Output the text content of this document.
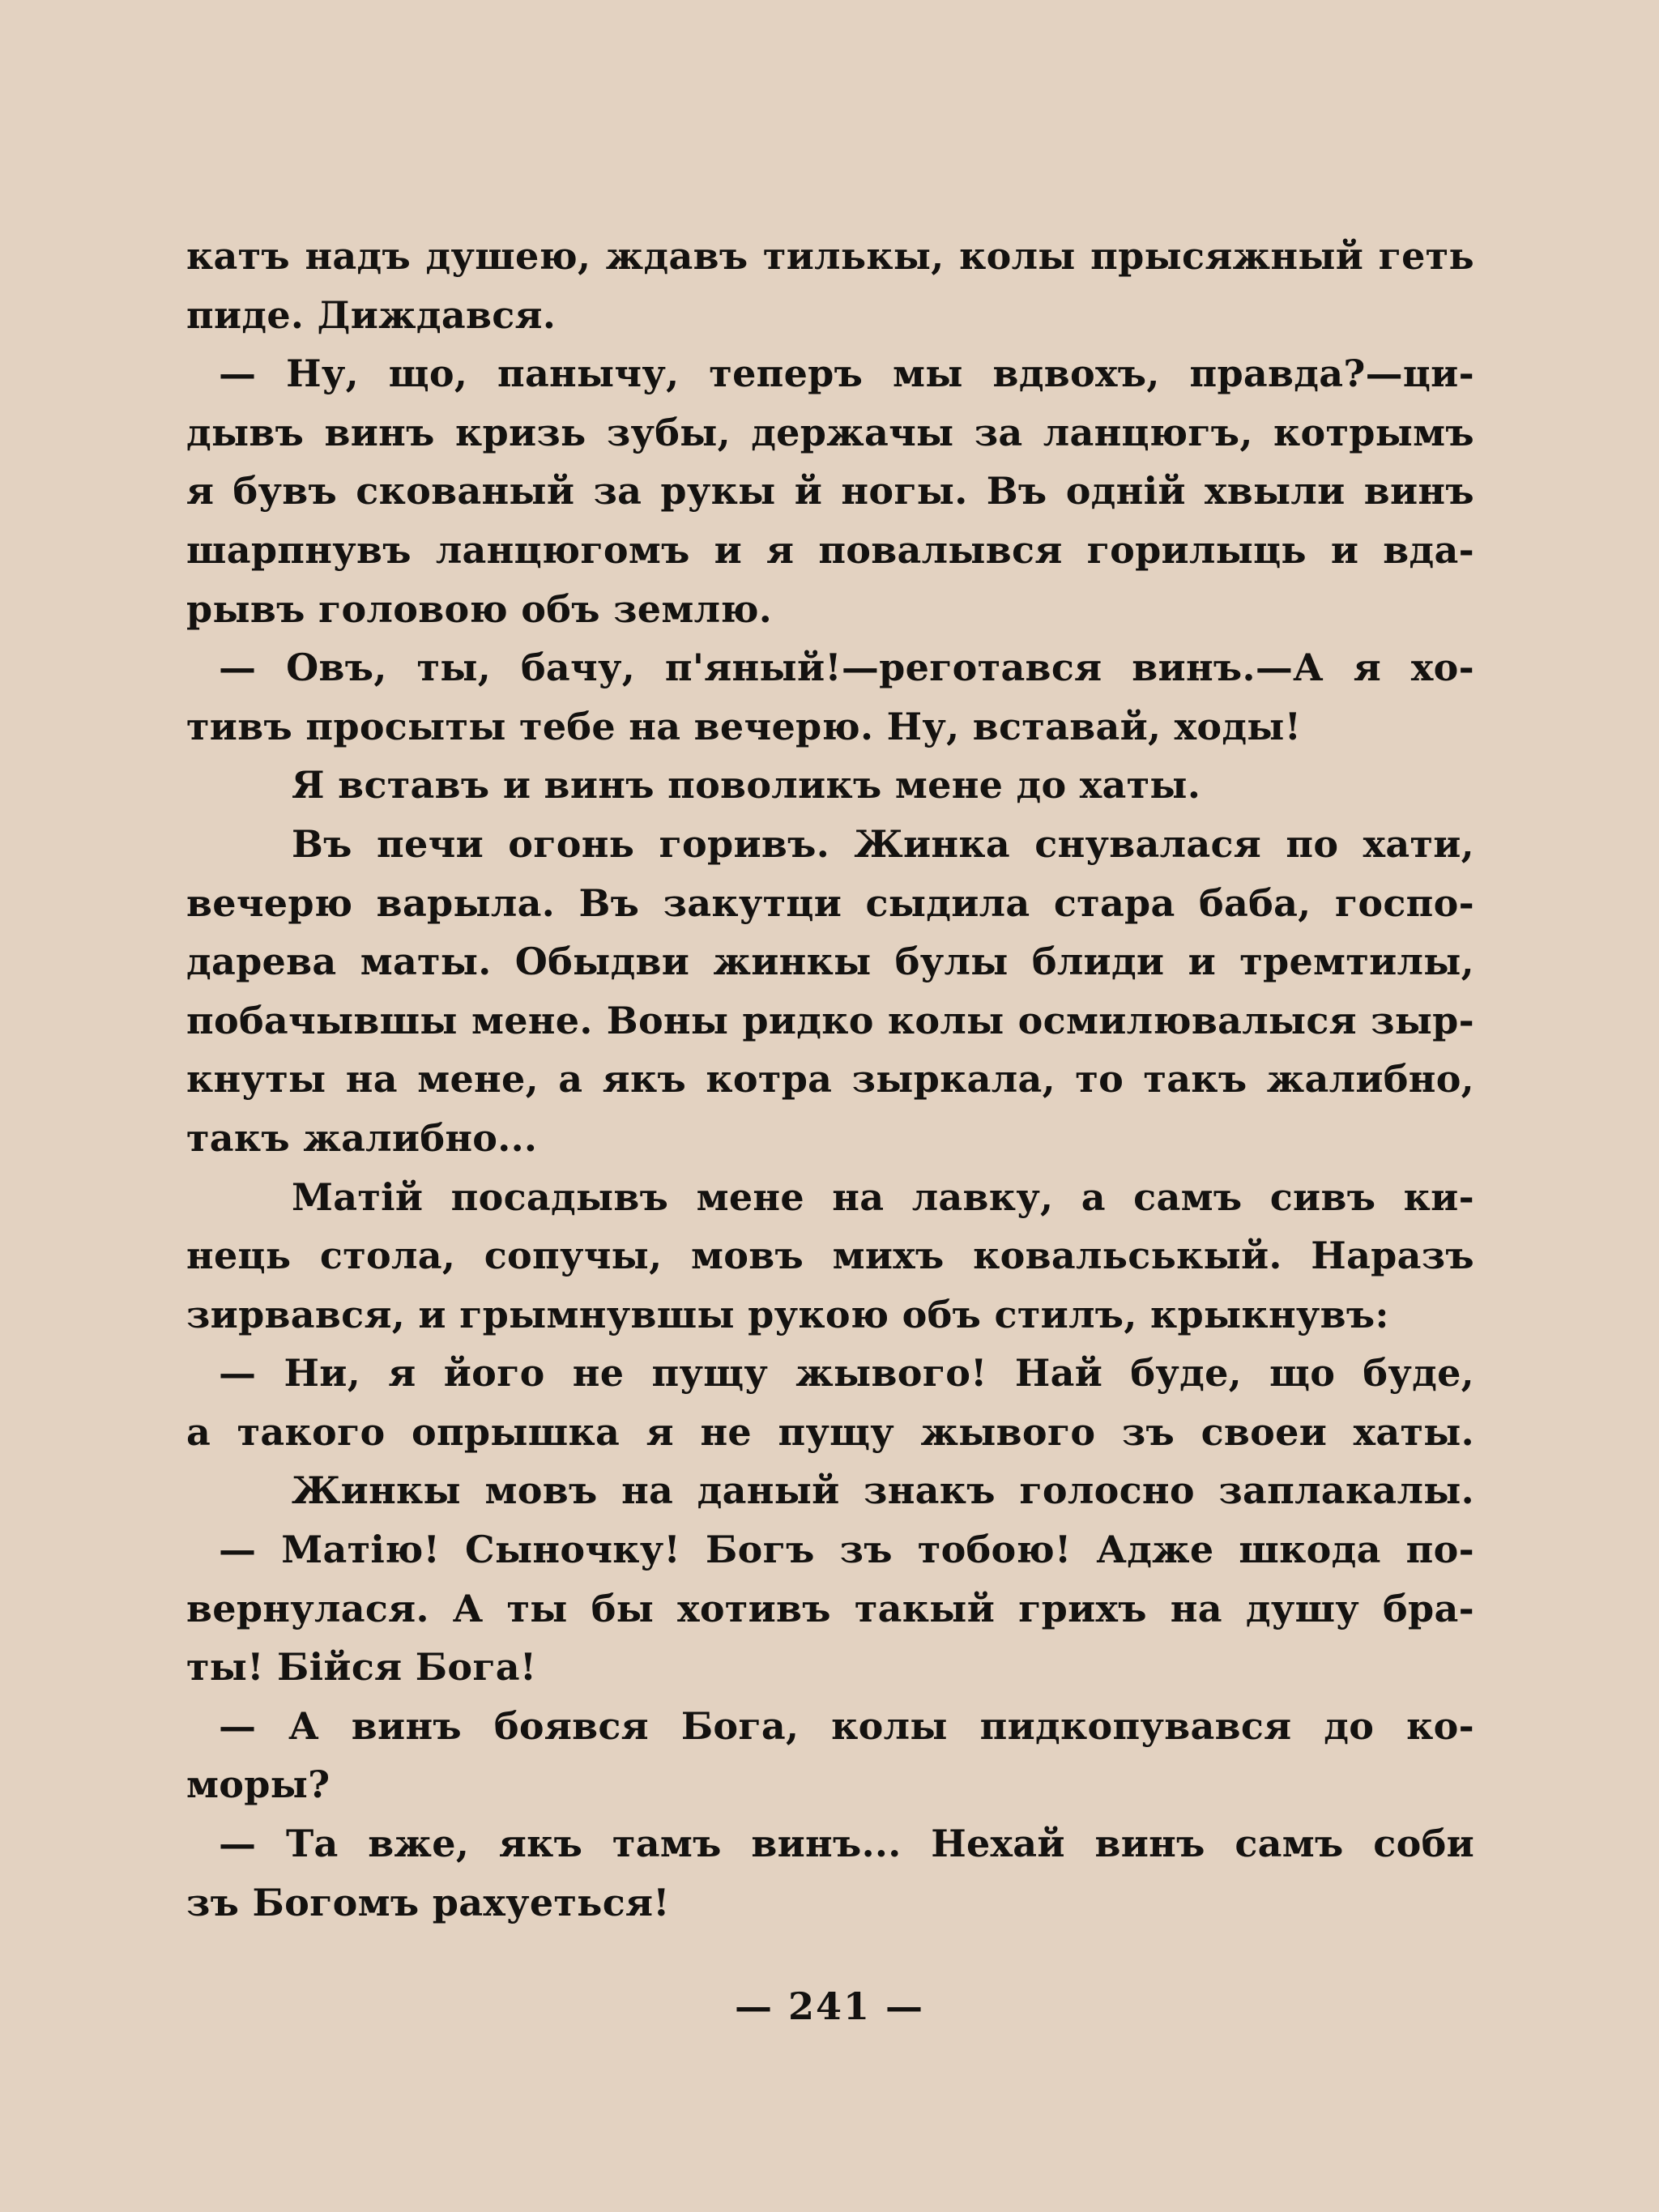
катъ надъ душею, ждавъ тилькы, колы прысяжный геть
пиде. Диждався.
— Ну, що, панычу, теперъ мы вдвохъ, правда?—ци-
дывъ винъ кризь зубы, держачы за ланцюгъ, котрымъ
я бувъ скованый за рукы й ногы. Въ одній хвыли винъ
шарпнувъ ланцюгомъ и я повалывся горилыць и вда-
рывъ головою объ землю.
— Овъ, ты, бачу, п'яный!—реготався винъ.—А я хо-
тивъ просыты тебе на вечерю. Ну, вставай, ходы!
Я вставъ и винъ поволикъ мене до хаты.
Въ печи огонь горивъ. Жинка снувалася по хати,
вечерю варыла. Въ закутци сыдила стара баба, госпо-
дарева маты. Обыдви жинкы булы блиди и тремтилы,
побачывшы мене. Воны ридко колы осмилювалыся зыр-
кнуты на мене, а якъ котра зыркала, то такъ жалибно,
такъ жалибно...
Матій посадывъ мене на лавку, а самъ сивъ ки-
нець стола, сопучы, мовъ михъ ковальськый. Наразъ
зирвався, и грымнувшы рукою объ стилъ, крыкнувъ:
— Ни, я його не пущу жывого! Най буде, що буде,
а такого опрышка я не пущу жывого зъ своеи хаты.
Жинкы мовъ на даный знакъ голосно заплакалы.
— Матію! Сыночку! Богъ зъ тобою! Адже шкода по-
вернулася. А ты бы хотивъ такый грихъ на душу бра-
ты! Бійся Бога!
— А винъ боявся Бога, колы пидкопувався до ко-
моры?
— Та вже, якъ тамъ винъ... Нехай винъ самъ соби
зъ Богомъ рахуеться!
— 241 —
